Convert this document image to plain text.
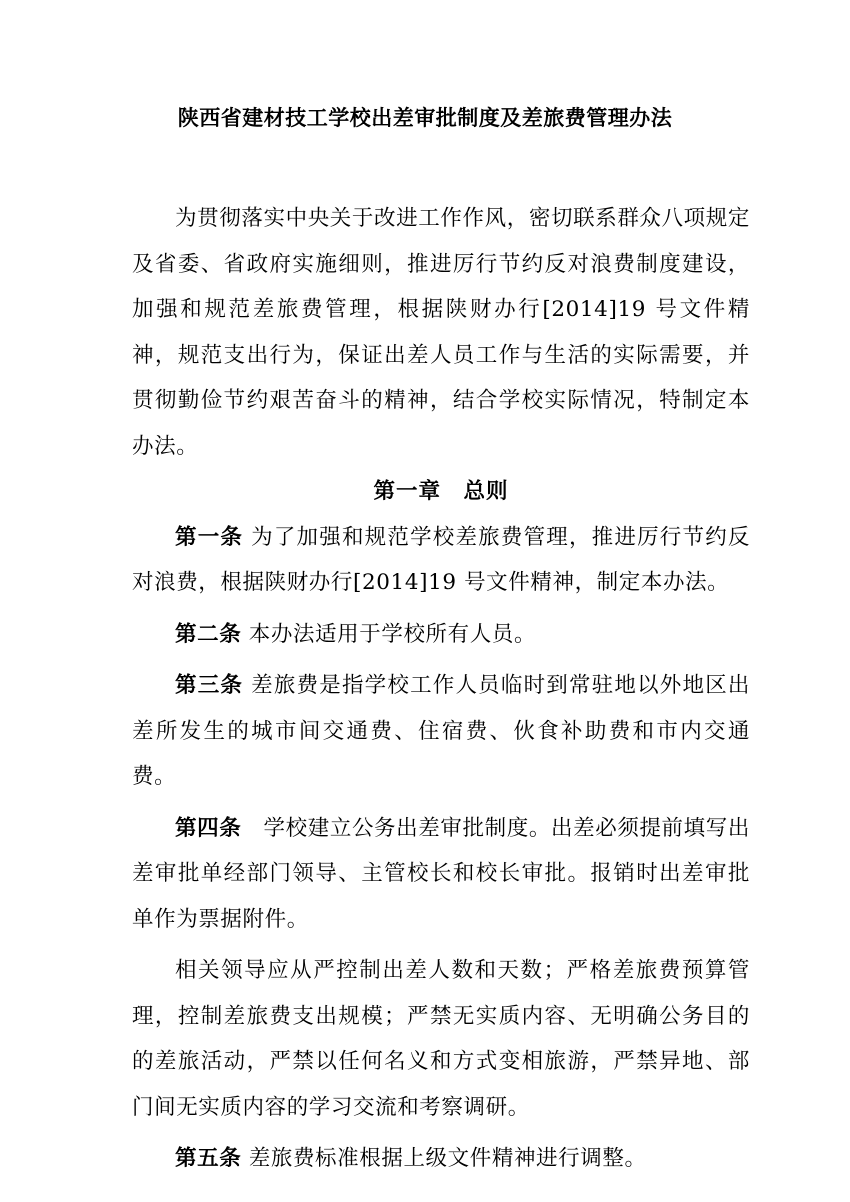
陕西省建材技工学校出差审批制度及差旅费管理办法

为贯彻落实中央关于改进工作作风，密切联系群众八项规定及省委、省政府实施细则，推进厉行节约反对浪费制度建设，加强和规范差旅费管理，根据陕财办行[2014]19 号文件精神，规范支出行为，保证出差人员工作与生活的实际需要，并贯彻勤俭节约艰苦奋斗的精神，结合学校实际情况，特制定本办法。

第一章　总则

第一条 为了加强和规范学校差旅费管理，推进厉行节约反对浪费，根据陕财办行[2014]19 号文件精神，制定本办法。

第二条 本办法适用于学校所有人员。

第三条 差旅费是指学校工作人员临时到常驻地以外地区出差所发生的城市间交通费、住宿费、伙食补助费和市内交通费。

第四条　 学校建立公务出差审批制度。出差必须提前填写出差审批单经部门领导、主管校长和校长审批。报销时出差审批单作为票据附件。

相关领导应从严控制出差人数和天数；严格差旅费预算管理，控制差旅费支出规模；严禁无实质内容、无明确公务目的的差旅活动，严禁以任何名义和方式变相旅游，严禁异地、部门间无实质内容的学习交流和考察调研。

第五条 差旅费标准根据上级文件精神进行调整。
